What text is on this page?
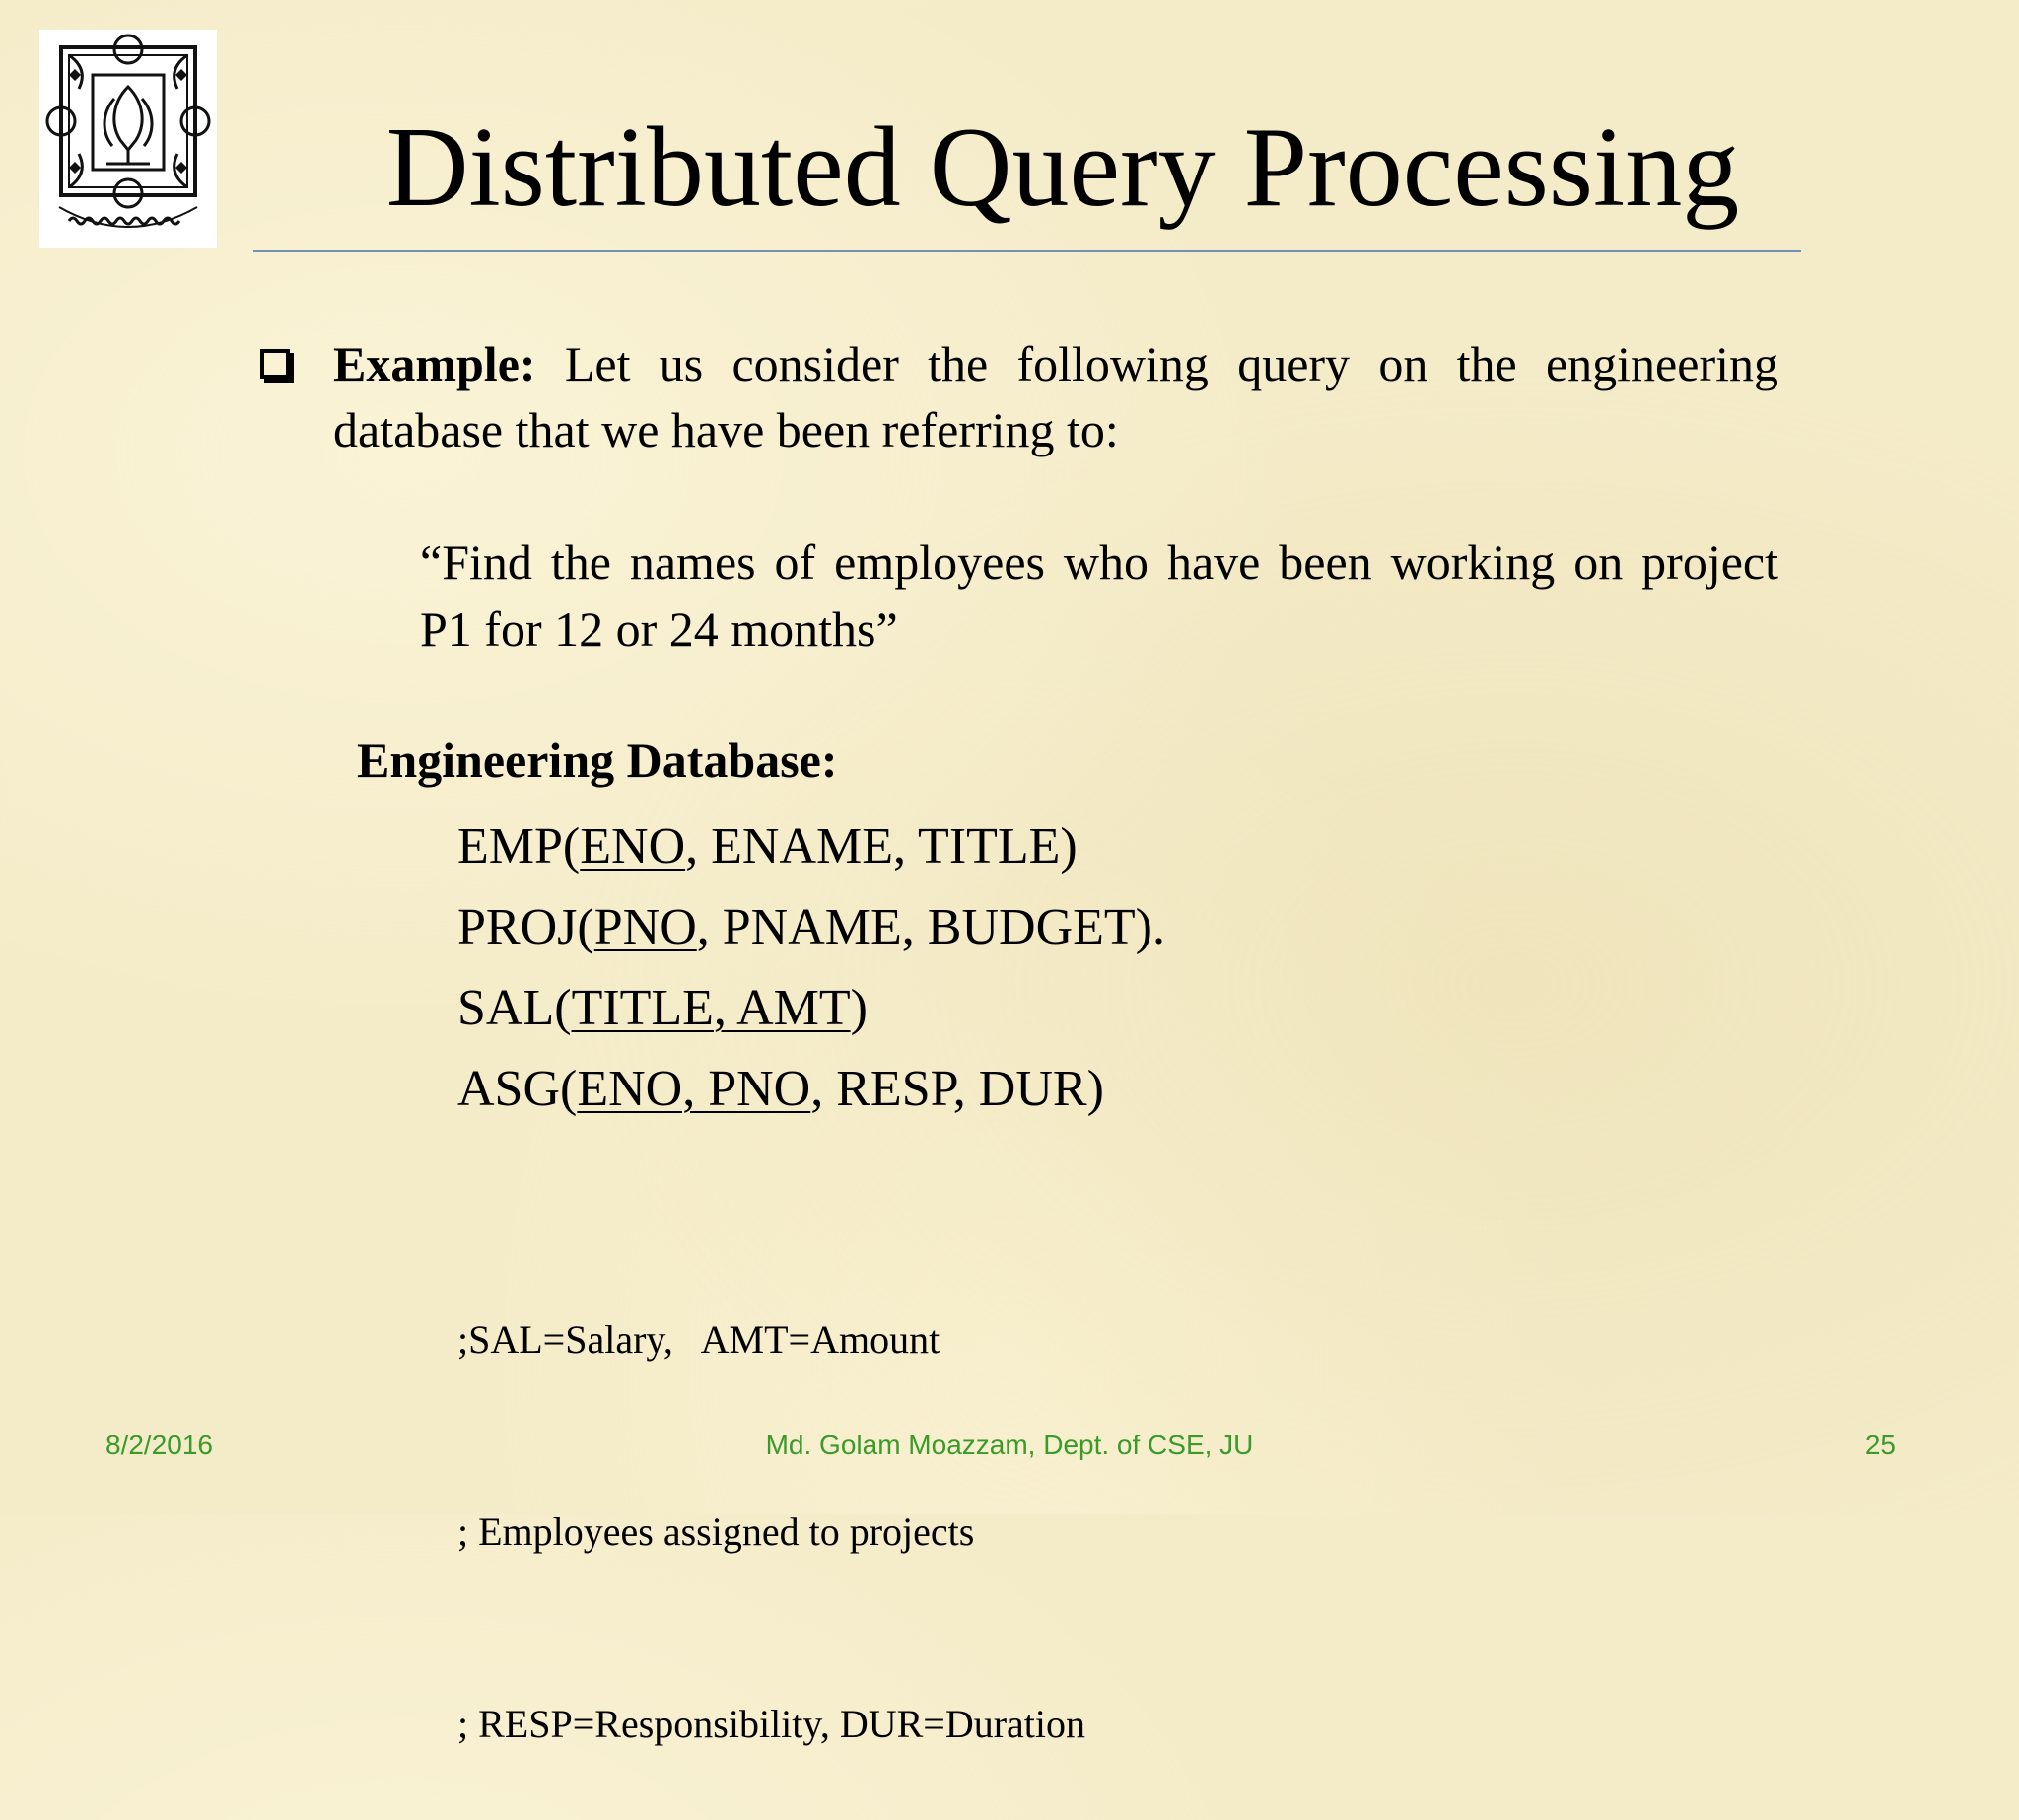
Distributed Query Processing
Example: Let us consider the following query on the engineering database that we have been referring to:
“Find the names of employees who have been working on project P1 for 12 or 24 months”
Engineering Database:
EMP(ENO, ENAME, TITLE)
PROJ(PNO, PNAME, BUDGET).
SAL(TITLE, AMT)
ASG(ENO, PNO, RESP, DUR)

;SAL=Salary,   AMT=Amount

; Employees assigned to projects

; RESP=Responsibility, DUR=Duration

8/2/2016	Md. Golam Moazzam, Dept. of CSE, JU	25
